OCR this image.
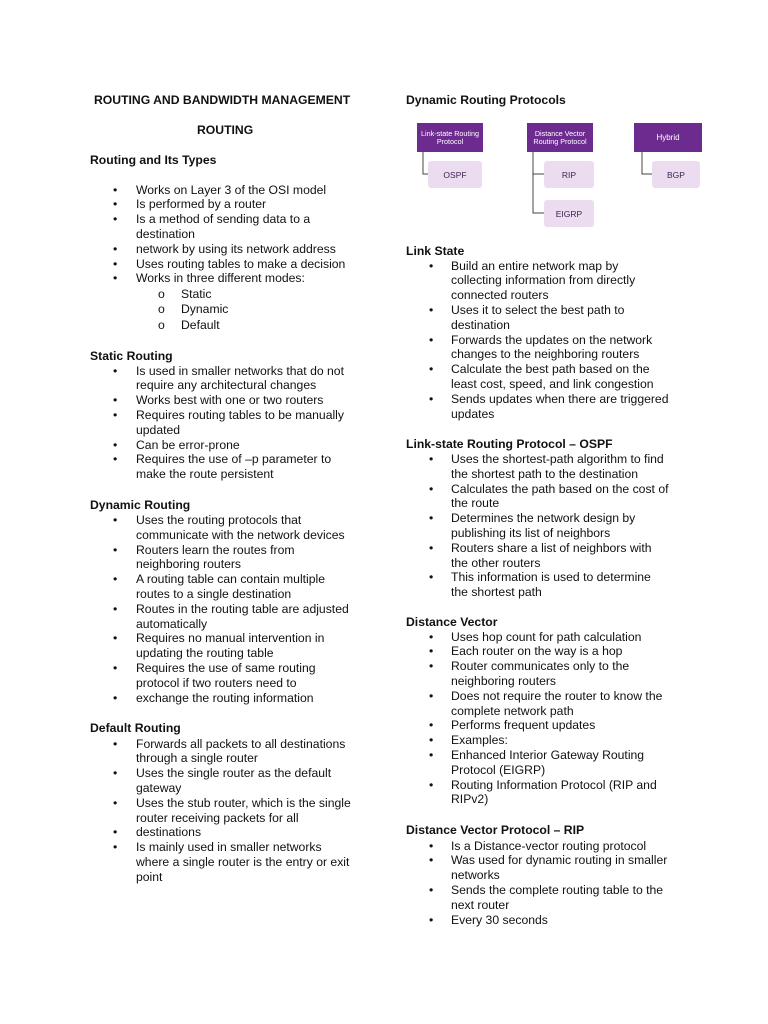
ROUTING AND BANDWIDTH MANAGEMENT
ROUTING
Routing and Its Types
• Works on Layer 3 of the OSI model
• Is performed by a router
• Is a method of sending data to a
destination
• network by using its network address
• Uses routing tables to make a decision
• Works in three different modes:
o Static
o Dynamic
o Default
Static Routing
• Is used in smaller networks that do not
require any architectural changes
• Works best with one or two routers
• Requires routing tables to be manually
updated
• Can be error-prone
• Requires the use of –p parameter to
make the route persistent
Dynamic Routing
• Uses the routing protocols that
communicate with the network devices
• Routers learn the routes from
neighboring routers
• A routing table can contain multiple
routes to a single destination
• Routes in the routing table are adjusted
automatically
• Requires no manual intervention in
updating the routing table
• Requires the use of same routing
protocol if two routers need to
• exchange the routing information
Default Routing
• Forwards all packets to all destinations
through a single router
• Uses the single router as the default
gateway
• Uses the stub router, which is the single
router receiving packets for all
• destinations
• Is mainly used in smaller networks
where a single router is the entry or exit
point
Dynamic Routing Protocols
Link-state Routing Protocol
Distance Vector Routing Protocol	Hybrid
OSPF	RIP
EIGRP
BGP
Link State
• Build an entire network map by
collecting information from directly
connected routers
• Uses it to select the best path to
destination
• Forwards the updates on the network
changes to the neighboring routers
• Calculate the best path based on the
least cost, speed, and link congestion
• Sends updates when there are triggered
updates
Link-state Routing Protocol – OSPF
• Uses the shortest-path algorithm to find
the shortest path to the destination
• Calculates the path based on the cost of
the route
• Determines the network design by
publishing its list of neighbors
• Routers share a list of neighbors with
the other routers
• This information is used to determine
the shortest path
Distance Vector
• Uses hop count for path calculation
• Each router on the way is a hop
• Router communicates only to the
neighboring routers
• Does not require the router to know the
complete network path
• Performs frequent updates
• Examples:
• Enhanced Interior Gateway Routing
Protocol (EIGRP)
• Routing Information Protocol (RIP and
RIPv2)
Distance Vector Protocol – RIP
• Is a Distance-vector routing protocol
• Was used for dynamic routing in smaller
networks
• Sends the complete routing table to the
next router
• Every 30 seconds
